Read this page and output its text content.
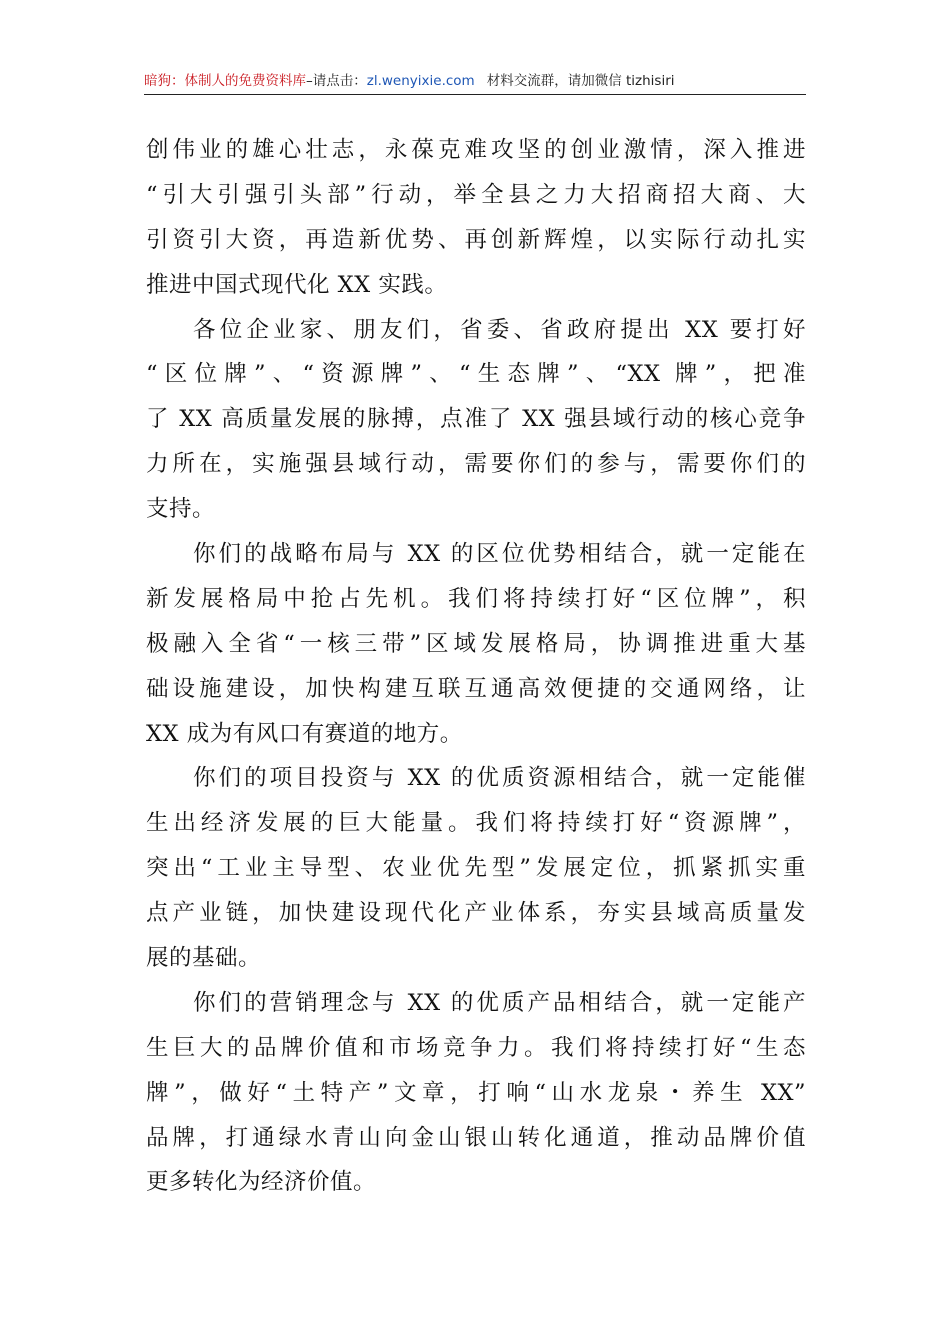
暗狗：体制人的免费资料库–请点击：zl.wenyixie.com 材料交流群，请加微信 tizhisiri
创伟业的雄心壮志，永葆克难攻坚的创业激情，深入推进
“引大引强引头部”行动，举全县之力大招商招大商、大
引资引大资，再造新优势、再创新辉煌，以实际行动扎实
推进中国式现代化 XX 实践。
各位企业家、朋友们，省委、省政府提出 XX 要打好
“区位牌”、“资源牌”、“生态牌”、“XX 牌”，把准
了 XX 高质量发展的脉搏，点准了 XX 强县域行动的核心竞争
力所在，实施强县域行动，需要你们的参与，需要你们的
支持。
你们的战略布局与 XX 的区位优势相结合，就一定能在
新发展格局中抢占先机。我们将持续打好“区位牌”，积
极融入全省“一核三带”区域发展格局，协调推进重大基
础设施建设，加快构建互联互通高效便捷的交通网络，让
XX 成为有风口有赛道的地方。
你们的项目投资与 XX 的优质资源相结合，就一定能催
生出经济发展的巨大能量。我们将持续打好“资源牌”，
突出“工业主导型、农业优先型”发展定位，抓紧抓实重
点产业链，加快建设现代化产业体系，夯实县域高质量发
展的基础。
你们的营销理念与 XX 的优质产品相结合，就一定能产
生巨大的品牌价值和市场竞争力。我们将持续打好“生态
牌”，做好“土特产”文章，打响“山水龙泉・养生 XX”
品牌，打通绿水青山向金山银山转化通道，推动品牌价值
更多转化为经济价值。
